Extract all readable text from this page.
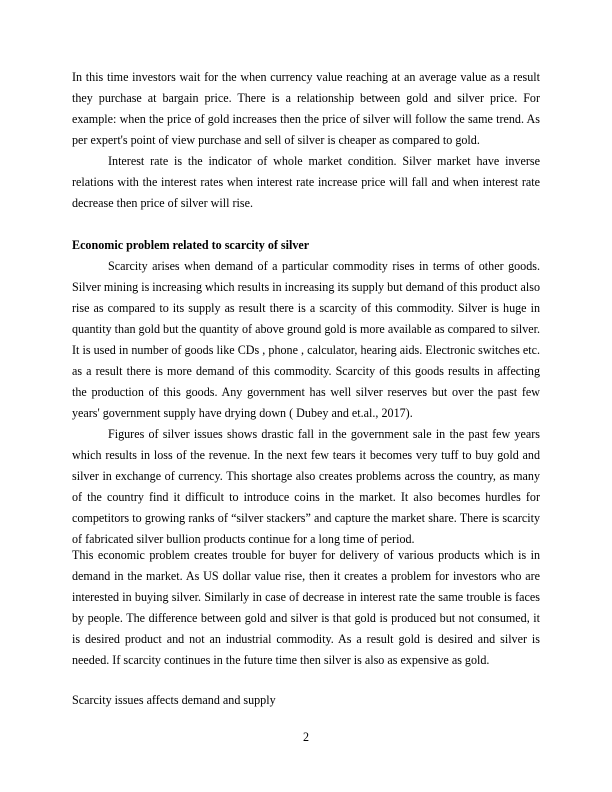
In this time investors wait for the when currency value reaching at an average value as a result they purchase at bargain price. There is a relationship between gold and silver price. For example: when the price of gold increases then the price of silver will follow the same trend. As per expert's point of view purchase and sell of silver is cheaper as compared to gold.

Interest rate is the indicator of whole market condition. Silver market have inverse relations with the interest rates when interest rate increase price will fall and when interest rate decrease then price of silver will rise.

Economic problem related to scarcity of silver

Scarcity arises when demand of a particular commodity rises in terms of other goods. Silver mining is increasing which results in increasing its supply but demand of this product also rise as compared to its supply as result there is a scarcity of this commodity. Silver is huge in quantity than gold but the quantity of above ground gold is more available as compared to silver. It is used in number of goods like CDs , phone , calculator, hearing aids. Electronic switches etc. as a result there is more demand of this commodity. Scarcity of this goods results in affecting the production of this goods. Any government has well silver reserves but over the past few years' government supply have drying down ( Dubey and et.al., 2017).

Figures of silver issues shows drastic fall in the government sale in the past few years which results in loss of the revenue. In the next few tears it becomes very tuff to buy gold and silver in exchange of currency. This shortage also creates problems across the country, as many of the country find it difficult to introduce coins in the market. It also becomes hurdles for competitors to growing ranks of “silver stackers” and capture the market share. There is scarcity of fabricated silver bullion products continue for a long time of period.

This economic problem creates trouble for buyer for delivery of various products which is in demand in the market. As US dollar value rise, then it creates a problem for investors who are interested in buying silver. Similarly in case of decrease in interest rate the same trouble is faces by people. The difference between gold and silver is that gold is produced but not consumed, it is desired product and not an industrial commodity. As a result gold is desired and silver is needed. If scarcity continues in the future time then silver is also as expensive as gold.

Scarcity issues affects demand and supply

2
